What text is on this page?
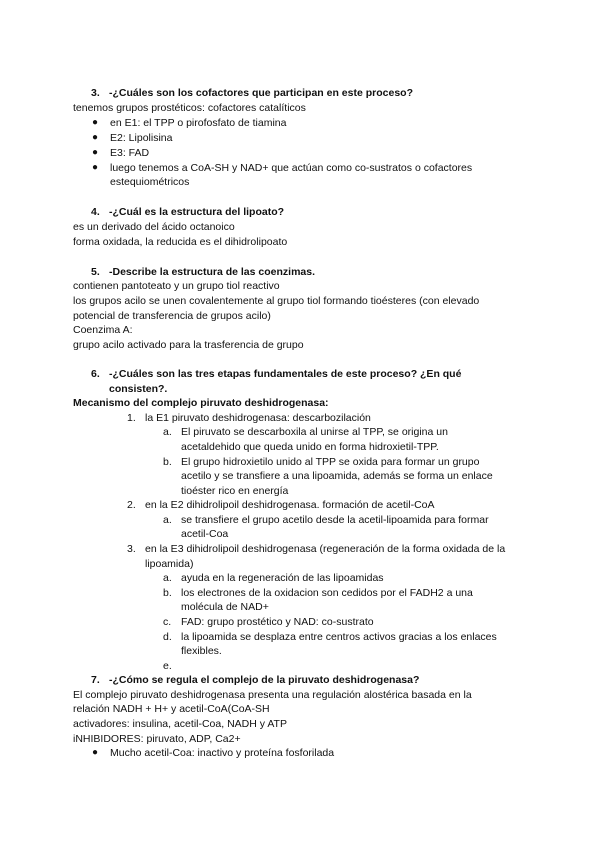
3. -¿Cuáles son los cofactores que participan en este proceso?
tenemos grupos prostéticos: cofactores catalíticos
● en E1: el TPP o pirofosfato de tiamina
● E2: Lipolisina
● E3: FAD
● luego tenemos a CoA-SH y NAD+ que actúan como co-sustratos o cofactores
estequiométricos
4. -¿Cuál es la estructura del lipoato?
es un derivado del ácido octanoico
forma oxidada, la reducida es el dihidrolipoato
5. -Describe la estructura de las coenzimas.
contienen pantoteato y un grupo tiol reactivo
los grupos acilo se unen covalentemente al grupo tiol formando tioésteres (con elevado
potencial de transferencia de grupos acilo)
Coenzima A:
grupo acilo activado para la trasferencia de grupo
6. -¿Cuáles son las tres etapas fundamentales de este proceso? ¿En qué
consisten?.
Mecanismo del complejo piruvato deshidrogenasa:
1. la E1 piruvato deshidrogenasa: descarbozilación
a. El piruvato se descarboxila al unirse al TPP, se origina un
acetaldehido que queda unido en forma hidroxietil-TPP.
b. El grupo hidroxietilo unido al TPP se oxida para formar un grupo
acetilo y se transfiere a una lipoamida, además se forma un enlace
tioéster rico en energía
2. en la E2 dihidrolipoil deshidrogenasa. formación de acetil-CoA
a. se transfiere el grupo acetilo desde la acetil-lipoamida para formar
acetil-Coa
3. en la E3 dihidrolipoil deshidrogenasa (regeneración de la forma oxidada de la
lipoamida)
a. ayuda en la regeneración de las lipoamidas
b. los electrones de la oxidacion son cedidos por el FADH2 a una
molécula de NAD+
c. FAD: grupo prostético y NAD: co-sustrato
d. la lipoamida se desplaza entre centros activos gracias a los enlaces
flexibles.
e.
7. -¿Cómo se regula el complejo de la piruvato deshidrogenasa?
El complejo piruvato deshidrogenasa presenta una regulación alostérica basada en la
relación NADH + H+ y acetil-CoA(CoA-SH
activadores: insulina, acetil-Coa, NADH y ATP
iNHIBIDORES: piruvato, ADP, Ca2+
● Mucho acetil-Coa: inactivo y proteína fosforilada
